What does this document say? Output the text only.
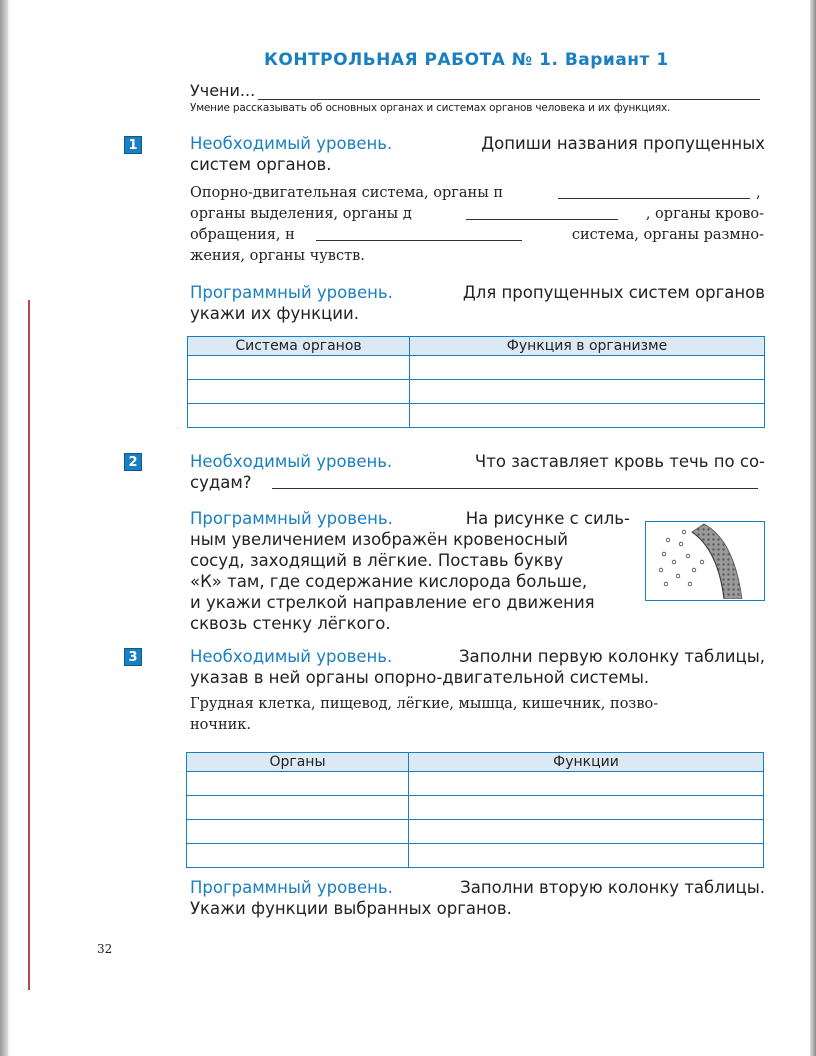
КОНТРОЛЬНАЯ РАБОТА № 1. Вариант 1
Учени...
Умение рассказывать об основных органах и системах органов человека и их функциях.
1	Необходимый уровень.	Допиши названия пропущенных
систем органов.
Опорно-двигательная система, органы п	,
органы выделения, органы д	, органы крово-
обращения, н	система, органы размно-
жения, органы чувств.
Программный уровень.	Для пропущенных систем органов
укажи их функции.
Система органов	Функция в организме

2	Необходимый уровень.	Что заставляет кровь течь по со-
судам?
Программный уровень.	На рисунке с силь-
ным увеличением изображён кровеносный
сосуд, заходящий в лёгкие. Поставь букву
«К» там, где содержание кислорода больше,
и укажи стрелкой направление его движения
сквозь стенку лёгкого.
3	Необходимый уровень.	Заполни первую колонку таблицы,
указав в ней органы опорно-двигательной системы.
Грудная клетка, пищевод, лёгкие, мышца, кишечник, позво-
ночник.
Органы	Функции

Программный уровень.	Заполни вторую колонку таблицы.
Укажи функции выбранных органов.
32
